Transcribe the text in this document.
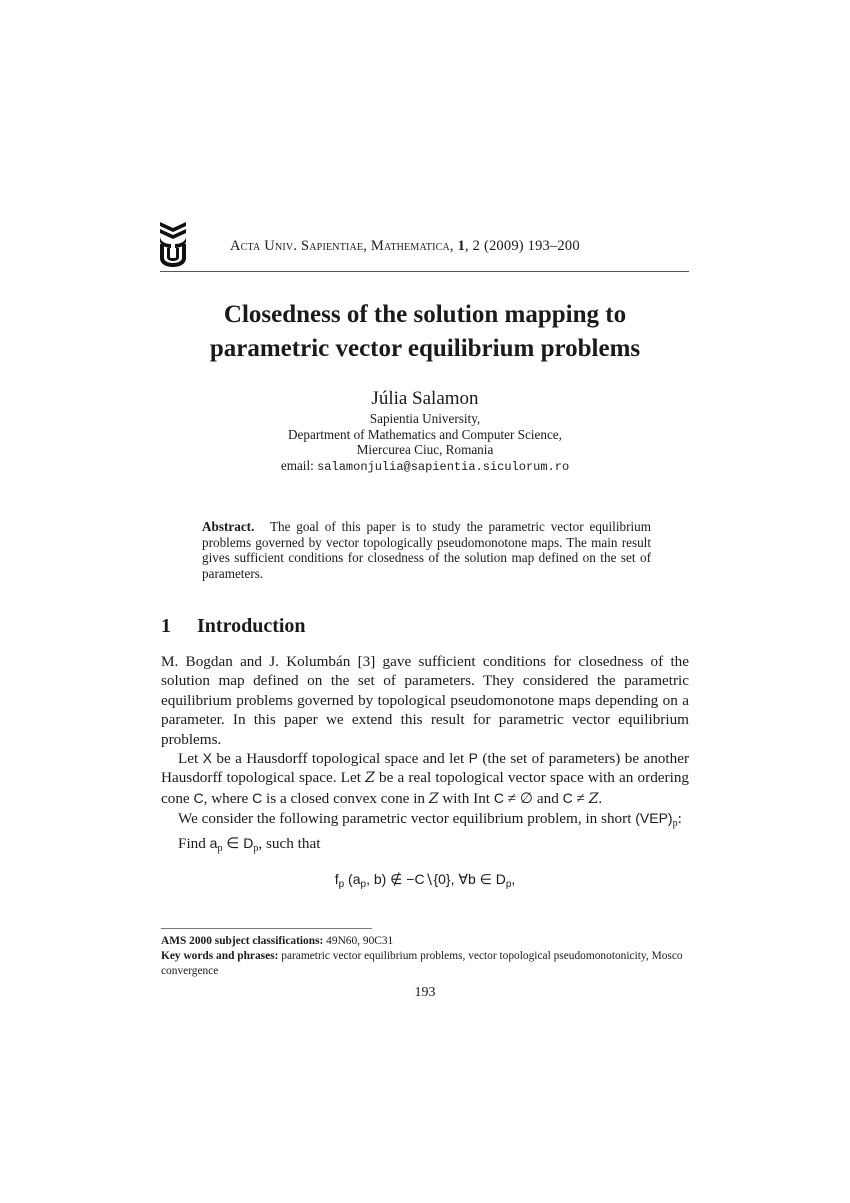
Acta Univ. Sapientiae, Mathematica, 1, 2 (2009) 193–200
Closedness of the solution mapping to
parametric vector equilibrium problems
Júlia Salamon
Sapientia University,
Department of Mathematics and Computer Science,
Miercurea Ciuc, Romania
email: salamonjulia@sapientia.siculorum.ro
Abstract. The goal of this paper is to study the parametric vector equilibrium problems governed by vector topologically pseudomonotone maps. The main result gives sufficient conditions for closedness of the solution map defined on the set of parameters.
1 Introduction

M. Bogdan and J. Kolumbán [3] gave sufficient conditions for closedness of the solution map defined on the set of parameters. They considered the parametric equilibrium problems governed by topological pseudomonotone maps depending on a parameter. In this paper we extend this result for parametric vector equilibrium problems.

Let X be a Hausdorff topological space and let P (the set of parameters) be another Hausdorff topological space. Let Z be a real topological vector space with an ordering cone C, where C is a closed convex cone in Z with Int C ≠ ∅ and C ≠ Z.

We consider the following parametric vector equilibrium problem, in short $(VEP)_p$:

Find $a_p$ ∈ $D_p$, such that

$f_p$ ($a_p$, b) ∉ −C∖{0}, ∀b ∈ $D_p$,
AMS 2000 subject classifications: 49N60, 90C31
Key words and phrases: parametric vector equilibrium problems, vector topological pseudomonotonicity, Mosco convergence
193
